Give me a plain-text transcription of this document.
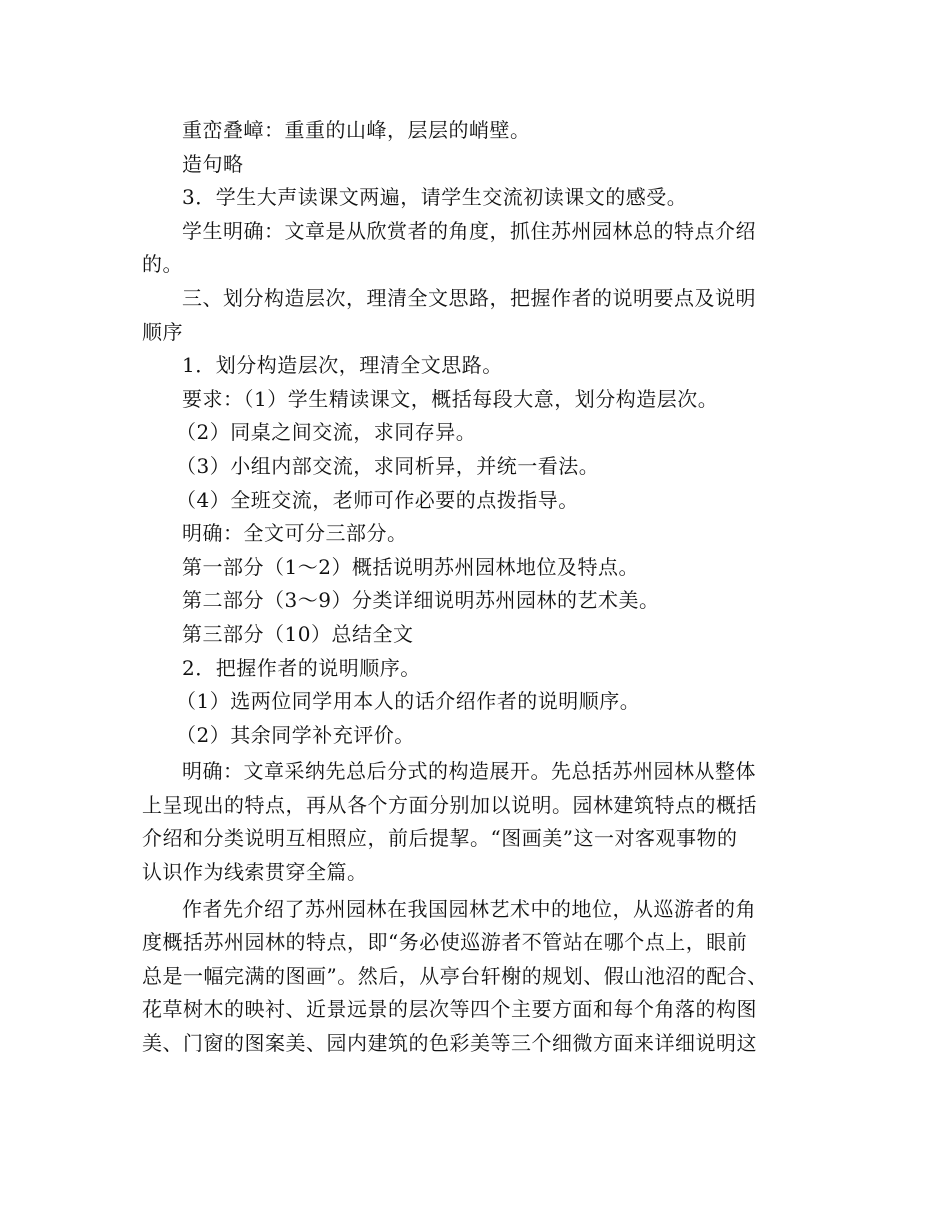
重峦叠嶂：重重的山峰，层层的峭壁。
造句略
3．学生大声读课文两遍，请学生交流初读课文的感受。
学生明确：文章是从欣赏者的角度，抓住苏州园林总的特点介绍
的。
三、划分构造层次，理清全文思路，把握作者的说明要点及说明
顺序
1．划分构造层次，理清全文思路。
要求：（1）学生精读课文，概括每段大意，划分构造层次。
（2）同桌之间交流，求同存异。
（3）小组内部交流，求同析异，并统一看法。
（4）全班交流，老师可作必要的点拨指导。
明确：全文可分三部分。
第一部分（1～2）概括说明苏州园林地位及特点。
第二部分（3～9）分类详细说明苏州园林的艺术美。
第三部分（10）总结全文
2．把握作者的说明顺序。
（1）选两位同学用本人的话介绍作者的说明顺序。
（2）其余同学补充评价。
明确：文章采纳先总后分式的构造展开。先总括苏州园林从整体
上呈现出的特点，再从各个方面分别加以说明。园林建筑特点的概括
介绍和分类说明互相照应，前后提挈。“图画美”这一对客观事物的
认识作为线索贯穿全篇。
作者先介绍了苏州园林在我国园林艺术中的地位，从巡游者的角
度概括苏州园林的特点，即“务必使巡游者不管站在哪个点上，眼前
总是一幅完满的图画”。然后，从亭台轩榭的规划、假山池沼的配合、
花草树木的映衬、近景远景的层次等四个主要方面和每个角落的构图
美、门窗的图案美、园内建筑的色彩美等三个细微方面来详细说明这
